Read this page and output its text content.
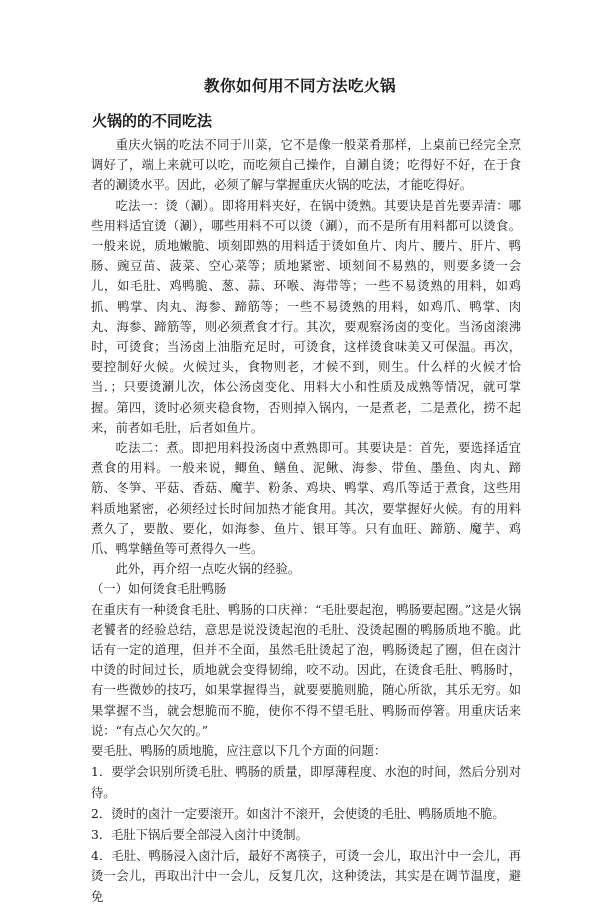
教你如何用不同方法吃火锅
火锅的的不同吃法

重庆火锅的吃法不同于川菜，它不是像一般菜肴那样，上桌前已经完全烹调好了，端上来就可以吃，而吃须自己操作，自涮自烫；吃得好不好，在于食者的涮烫水平。因此，必须了解与掌握重庆火锅的吃法，才能吃得好。

吃法一：烫（涮）。即将用料夹好，在锅中烫熟。其要诀是首先要弄清：哪些用料适宜烫（涮），哪些用料不可以烫（涮），而不是所有用料都可以烫食。一般来说，质地嫩脆、顷刻即熟的用料适于烫如鱼片、肉片、腰片、肝片、鸭肠、豌豆苗、菠菜、空心菜等；质地紧密、顷刻间不易熟的，则要多烫一会儿，如毛肚、鸡鸭脆、葱、蒜、环喉、海带等；一些不易烫熟的用料，如鸡抓、鸭掌、肉丸、海参、蹄筋等；一些不易烫熟的用料，如鸡爪、鸭掌、肉丸、海参、蹄筋等，则必须煮食才行。其次，要观察汤卤的变化。当汤卤滚沸时，可烫食；当汤卤上油脂充足时，可烫食，这样烫食味美又可保温。再次，要控制好火候。火候过头，食物则老，才候不到，则生。什么样的火候才恰当．；只要烫涮儿次，体公汤卤变化、用料大小和性质及成熟等情况，就可掌握。第四，烫时必须夹稳食物，否则掉入锅内，一是煮老，二是煮化，捞不起来，前者如毛肚，后者如鱼片。

吃法二：煮。即把用料投汤卤中煮熟即可。其要诀是：首先，要选择适宜煮食的用料。一般来说，鲫鱼、鳝鱼、泥鳅、海参、带鱼、墨鱼、肉丸、蹄筋、冬笋、平菇、香菇、魔芋、粉条、鸡块、鸭掌、鸡爪等适于煮食，这些用料质地紧密，必须经过长时间加热才能食用。其次，要掌握好火候。有的用料煮久了，要散、要化，如海参、鱼片、银耳等。只有血旺、蹄筋、魔芋、鸡爪、鸭掌鳝鱼等可煮得久一些。

此外，再介绍一点吃火锅的经验。

（一）如何烫食毛肚鸭肠

在重庆有一种烫食毛肚、鸭肠的口庆禅：“毛肚要起泡，鸭肠要起圈。”这是火锅老饕者的经验总结，意思是说没烫起泡的毛肚、没烫起圈的鸭肠质地不脆。此话有一定的道理，但并不全面，虽然毛肚烫起了泡，鸭肠烫起了圈，但在卤汁中烫的时间过长，质地就会变得韧绵，咬不动。因此，在烫食毛肚、鸭肠时，有一些微妙的技巧，如果掌握得当，就要要脆则脆，随心所欲，其乐无穷。如果掌握不当，就会想脆而不脆，使你不得不望毛肚、鸭肠而停箸。用重庆话来说：“有点心欠欠的。”

要毛肚、鸭肠的质地脆，应注意以下几个方面的问题：

1．要学会识别所烫毛肚、鸭肠的质量，即厚薄程度、水泡的时间，然后分别对待。

2．烫时的卤汁一定要滚开。如卤汁不滚开，会使烫的毛肚、鸭肠质地不脆。

3．毛肚下锅后要全部浸入卤汁中烫制。

4．毛肚、鸭肠浸入卤汁后，最好不离筷子，可烫一会儿，取出汁中一会儿，再烫一会儿，再取出汁中一会儿，反复几次，这种烫法，其实是在调节温度，避免
